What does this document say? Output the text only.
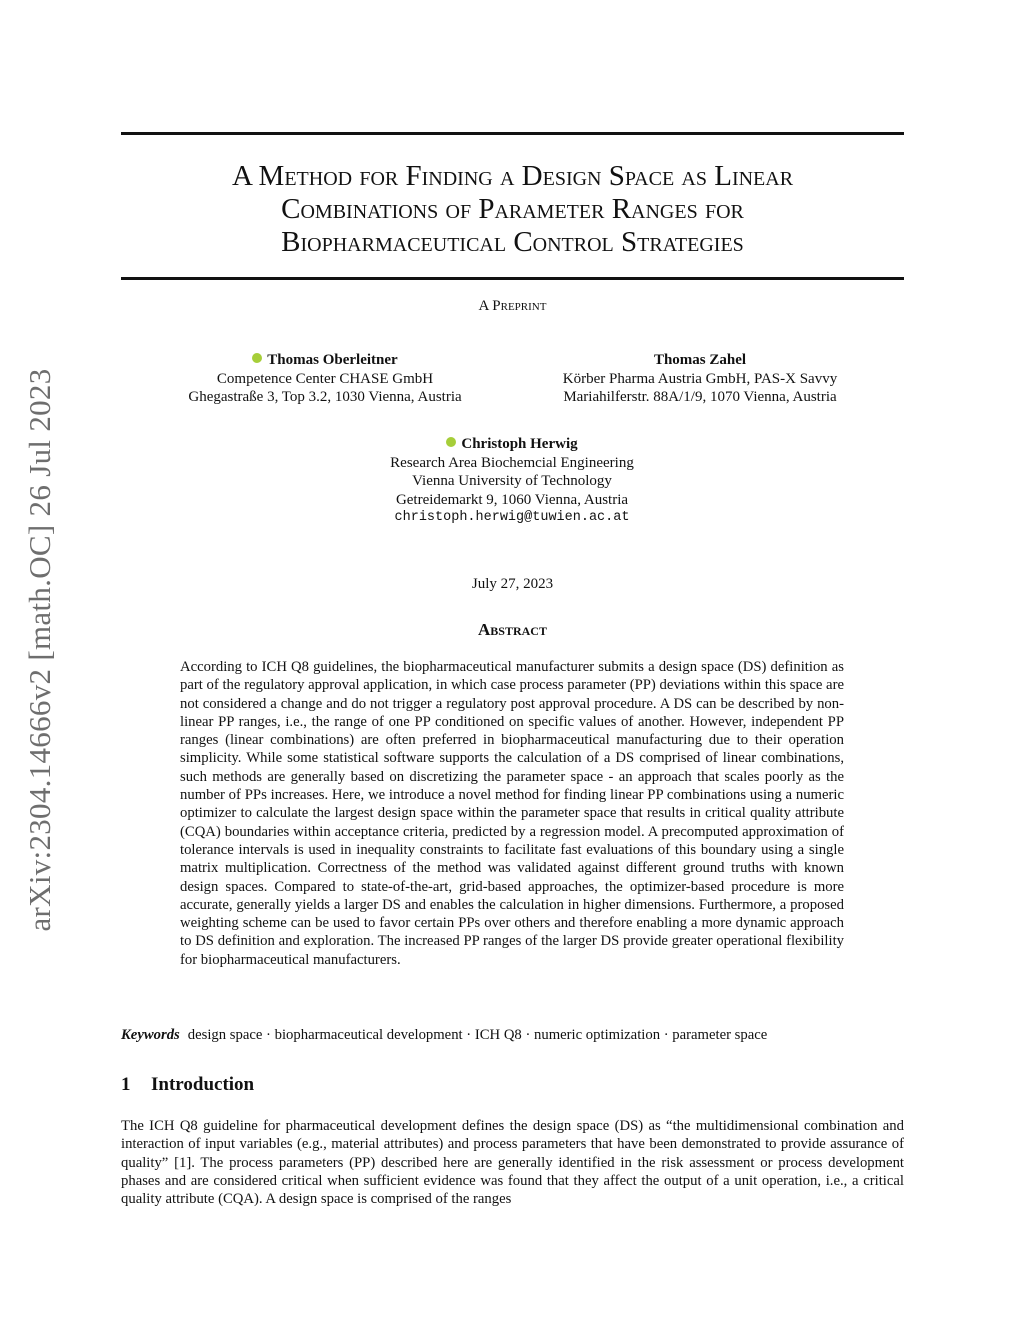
arXiv:2304.14666v2 [math.OC] 26 Jul 2023
A Method for Finding a Design Space as Linear
Combinations of Parameter Ranges for
Biopharmaceutical Control Strategies
A Preprint
Thomas Oberleitner
Competence Center CHASE GmbH
Ghegastraße 3, Top 3.2, 1030 Vienna, Austria
Thomas Zahel
Körber Pharma Austria GmbH, PAS-X Savvy
Mariahilferstr. 88A/1/9, 1070 Vienna, Austria
Christoph Herwig
Research Area Biochemcial Engineering
Vienna University of Technology
Getreidemarkt 9, 1060 Vienna, Austria
christoph.herwig@tuwien.ac.at
July 27, 2023
Abstract
According to ICH Q8 guidelines, the biopharmaceutical manufacturer submits a design space (DS) definition as part of the regulatory approval application, in which case process parameter (PP) deviations within this space are not considered a change and do not trigger a regulatory post approval procedure. A DS can be described by non-linear PP ranges, i.e., the range of one PP conditioned on specific values of another. However, independent PP ranges (linear combinations) are often preferred in biopharmaceutical manufacturing due to their operation simplicity. While some statistical software supports the calculation of a DS comprised of linear combinations, such methods are generally based on discretizing the parameter space - an approach that scales poorly as the number of PPs increases. Here, we introduce a novel method for finding linear PP combinations using a numeric optimizer to calculate the largest design space within the parameter space that results in critical quality attribute (CQA) boundaries within acceptance criteria, predicted by a regression model. A precomputed approximation of tolerance intervals is used in inequality constraints to facilitate fast evaluations of this boundary using a single matrix multiplication. Correctness of the method was validated against different ground truths with known design spaces. Compared to state-of-the-art, grid-based approaches, the optimizer-based procedure is more accurate, generally yields a larger DS and enables the calculation in higher dimensions. Furthermore, a proposed weighting scheme can be used to favor certain PPs over others and therefore enabling a more dynamic approach to DS definition and exploration. The increased PP ranges of the larger DS provide greater operational flexibility for biopharmaceutical manufacturers.
Keywords design space · biopharmaceutical development · ICH Q8 · numeric optimization · parameter space
1 Introduction
The ICH Q8 guideline for pharmaceutical development defines the design space (DS) as “the multidimensional combination and interaction of input variables (e.g., material attributes) and process parameters that have been demonstrated to provide assurance of quality” [1]. The process parameters (PP) described here are generally identified in the risk assessment or process development phases and are considered critical when sufficient evidence was found that they affect the output of a unit operation, i.e., a critical quality attribute (CQA). A design space is comprised of the ranges
